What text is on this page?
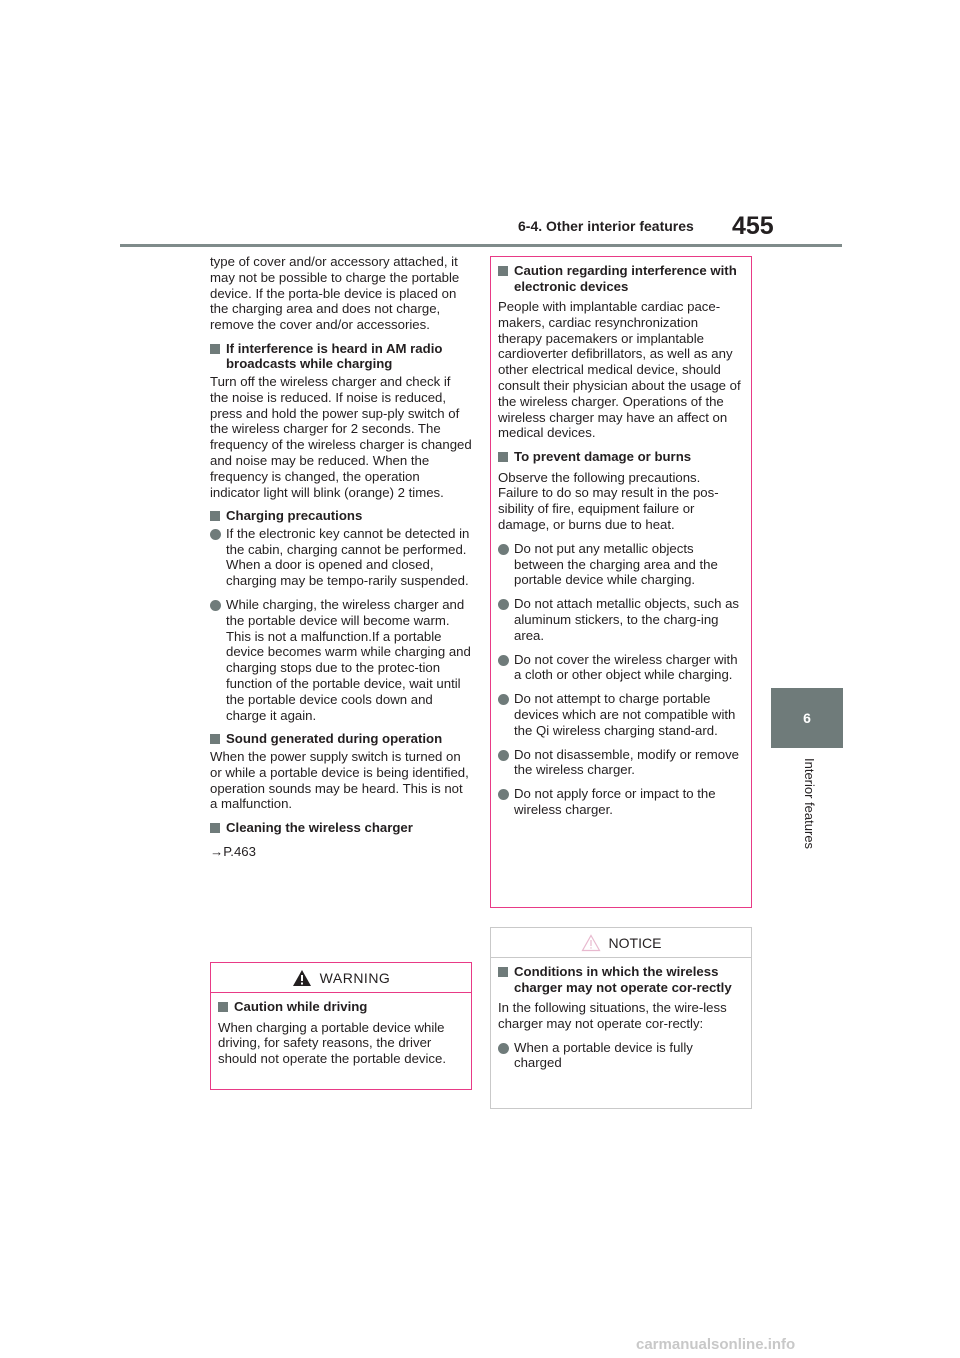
6-4. Other interior features 455
6
Interior features

type of cover and/or accessory attached, it may not be possible to charge the portable device. If the porta-ble device is placed on the charging area and does not charge, remove the cover and/or accessories.

If interference is heard in AM radio broadcasts while charging

Turn off the wireless charger and check if the noise is reduced. If noise is reduced, press and hold the power sup-ply switch of the wireless charger for 2 seconds. The frequency of the wireless charger is changed and noise may be reduced. When the frequency is changed, the operation indicator light will blink (orange) 2 times.

Charging precautions
If the electronic key cannot be detected in the cabin, charging cannot be performed. When a door is opened and closed, charging may be tempo-rarily suspended.
While charging, the wireless charger and the portable device will become warm.
This is not a malfunction.If a portable device becomes warm while charging and charging stops due to the protec-tion function of the portable device, wait until the portable device cools down and charge it again.
Sound generated during operation

When the power supply switch is turned on or while a portable device is being identified, operation sounds may be heard. This is not a malfunction.

Cleaning the wireless charger
→P.463
WARNING
Caution while driving

When charging a portable device while driving, for safety reasons, the driver should not operate the portable device.

Caution regarding interference with electronic devices

People with implantable cardiac pace-makers, cardiac resynchronization therapy pacemakers or implantable cardioverter defibrillators, as well as any other electrical medical device, should consult their physician about the usage of the wireless charger. Operations of the wireless charger may have an affect on medical devices.

To prevent damage or burns

Observe the following precautions. Failure to do so may result in the pos-sibility of fire, equipment failure or damage, or burns due to heat.

Do not put any metallic objects between the charging area and the portable device while charging.
Do not attach metallic objects, such as aluminum stickers, to the charg-ing area.
Do not cover the wireless charger with a cloth or other object while charging.
Do not attempt to charge portable devices which are not compatible with the Qi wireless charging stand-ard.
Do not disassemble, modify or remove the wireless charger.
Do not apply force or impact to the wireless charger.
NOTICE
Conditions in which the wireless charger may not operate cor-rectly

In the following situations, the wire-less charger may not operate cor-rectly:

When a portable device is fully charged
carmanualsonline.info
